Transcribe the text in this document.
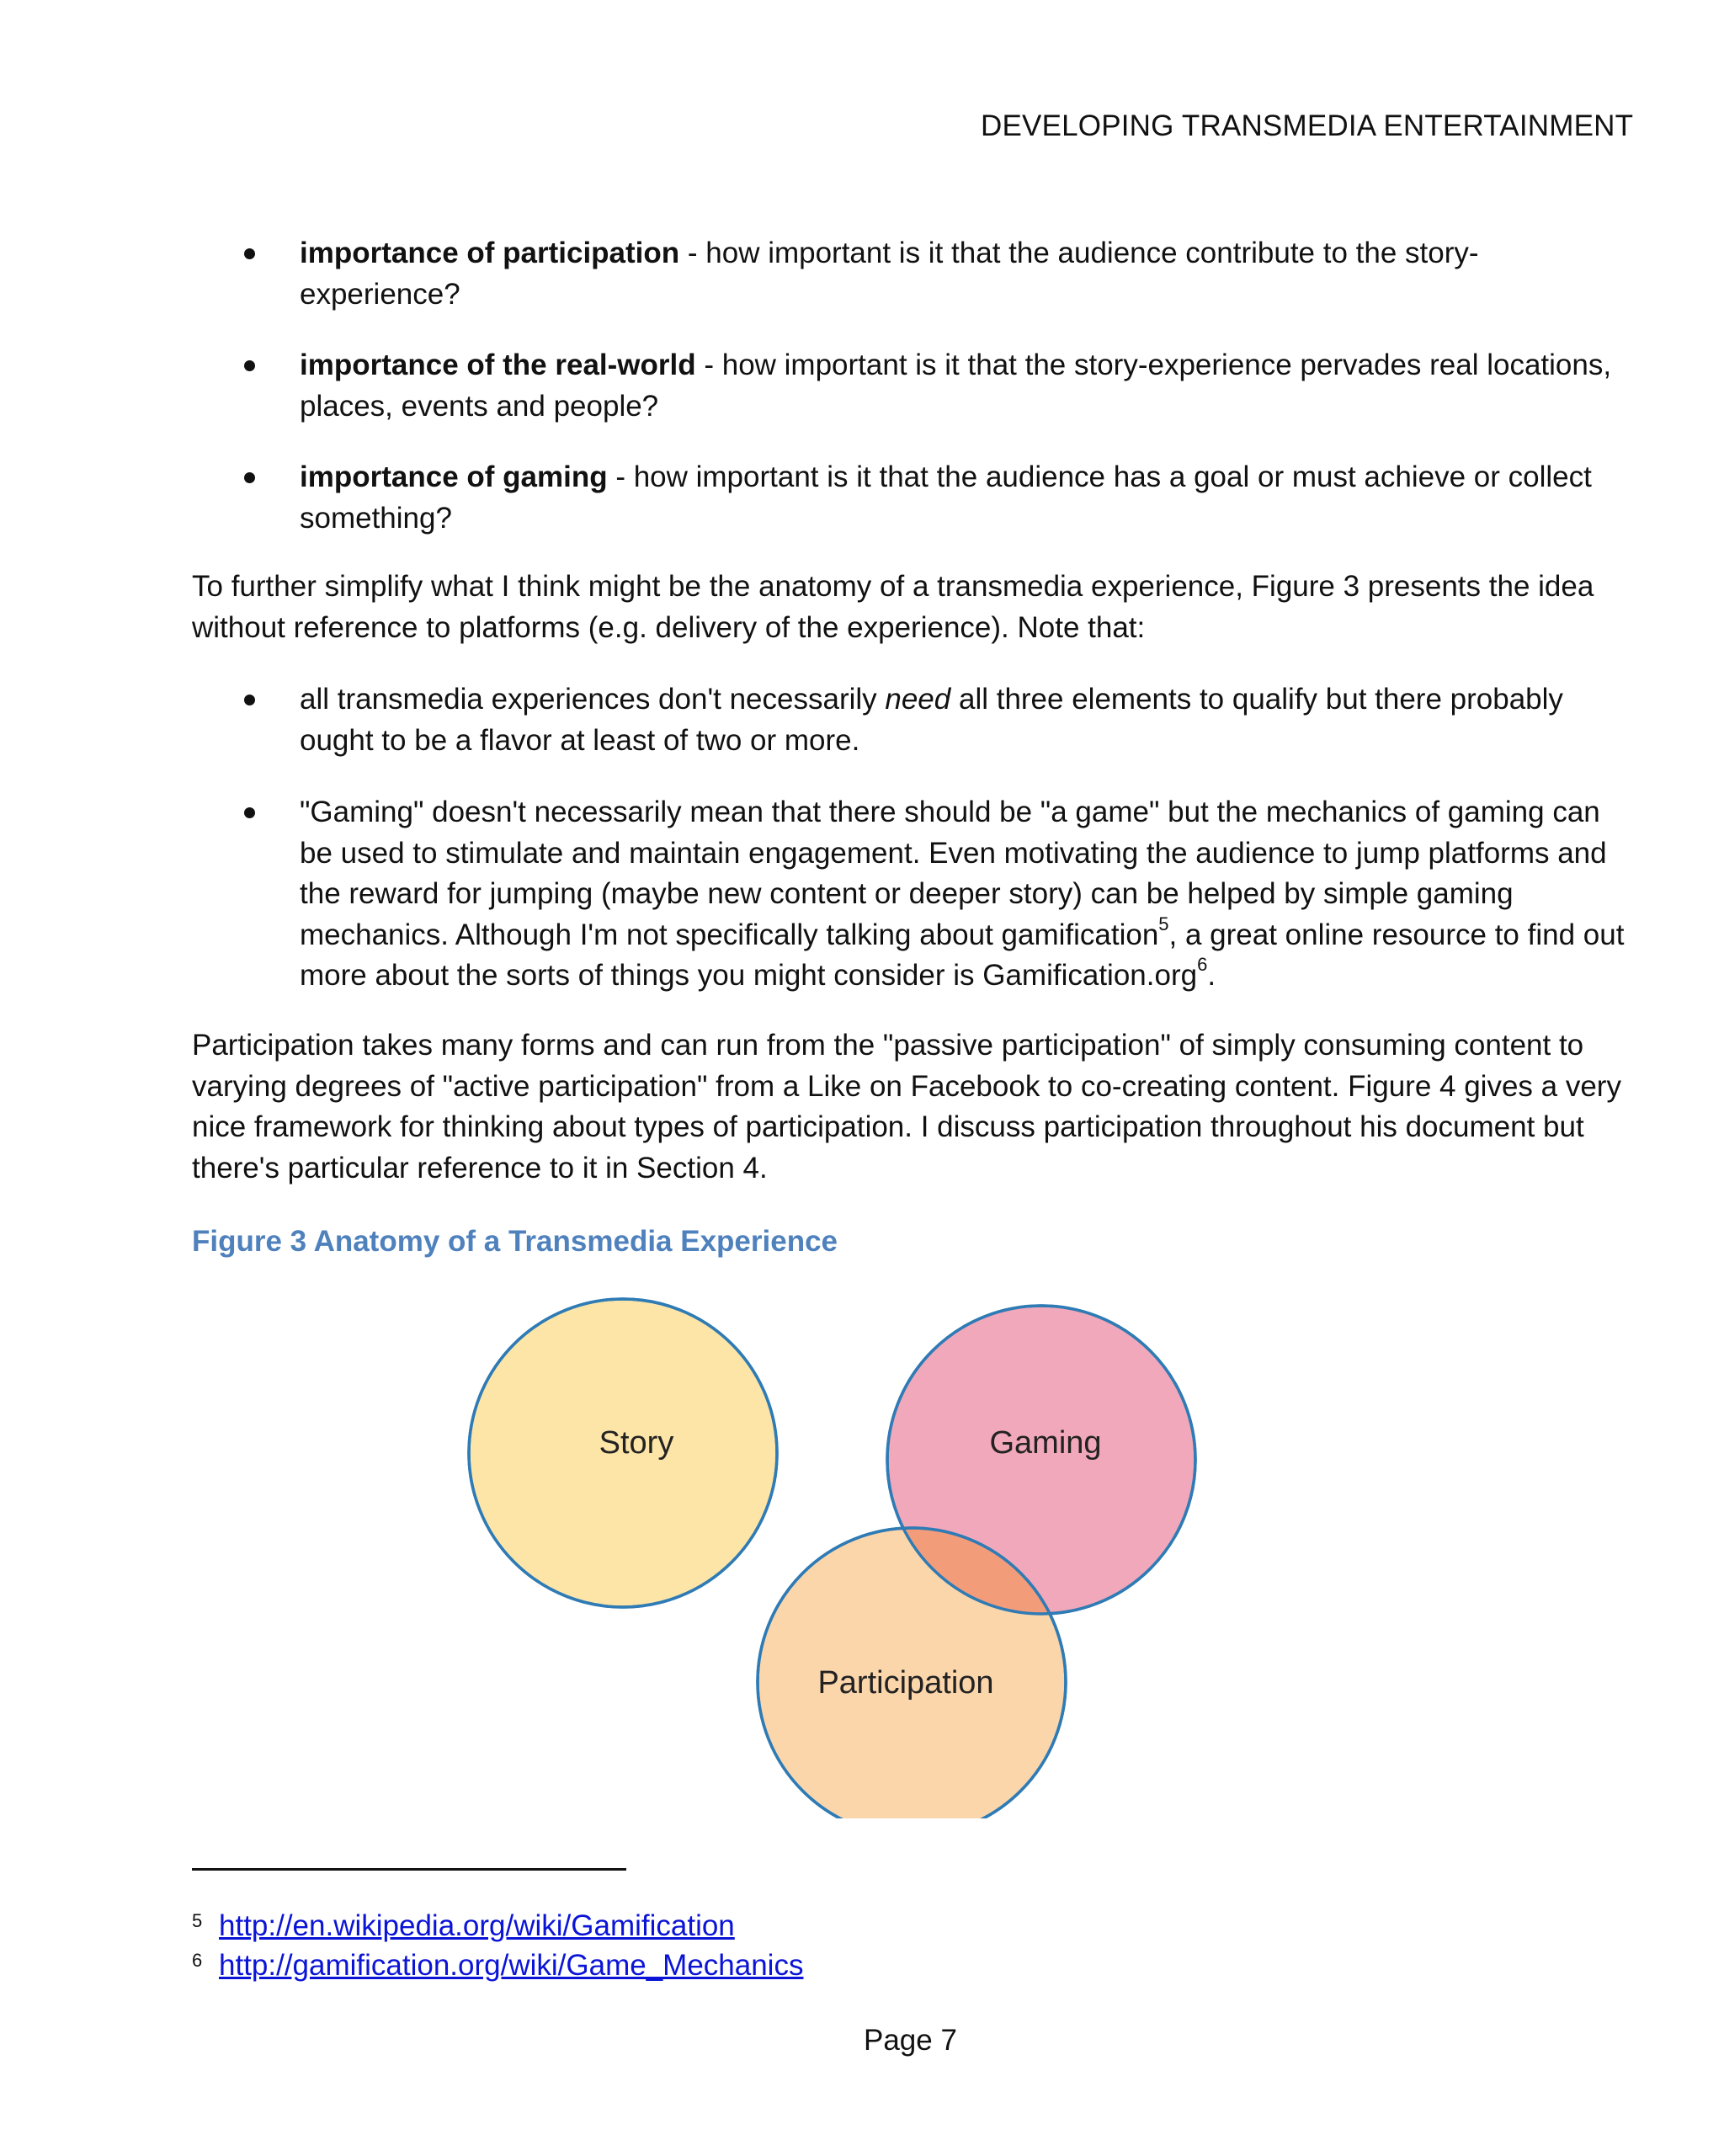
DEVELOPING TRANSMEDIA ENTERTAINMENT
importance of participation - how important is it that the audience contribute to the story-experience?
importance of the real-world - how important is it that the story-experience pervades real locations, places, events and people?
importance of gaming - how important is it that the audience has a goal or must achieve or collect something?

To further simplify what I think might be the anatomy of a transmedia experience, Figure 3 presents the idea without reference to platforms (e.g. delivery of the experience). Note that:

all transmedia experiences don't necessarily need all three elements to qualify but there probably ought to be a flavor at least of two or more.
"Gaming" doesn't necessarily mean that there should be "a game" but the mechanics of gaming can be used to stimulate and maintain engagement. Even motivating the audience to jump platforms and the reward for jumping (maybe new content or deeper story) can be helped by simple gaming mechanics. Although I'm not specifically talking about gamification$^5$, a great online resource to find out more about the sorts of things you might consider is Gamification.org$^6$.

Participation takes many forms and can run from the "passive participation" of simply consuming content to varying degrees of "active participation" from a Like on Facebook to co-creating content. Figure 4 gives a very nice framework for thinking about types of participation. I discuss participation throughout his document but there's particular reference to it in Section 4.

Figure 3 Anatomy of a Transmedia Experience
Story	Gaming
Participation
5 http://en.wikipedia.org/wiki/Gamification
6 http://gamification.org/wiki/Game_Mechanics
Page 7
